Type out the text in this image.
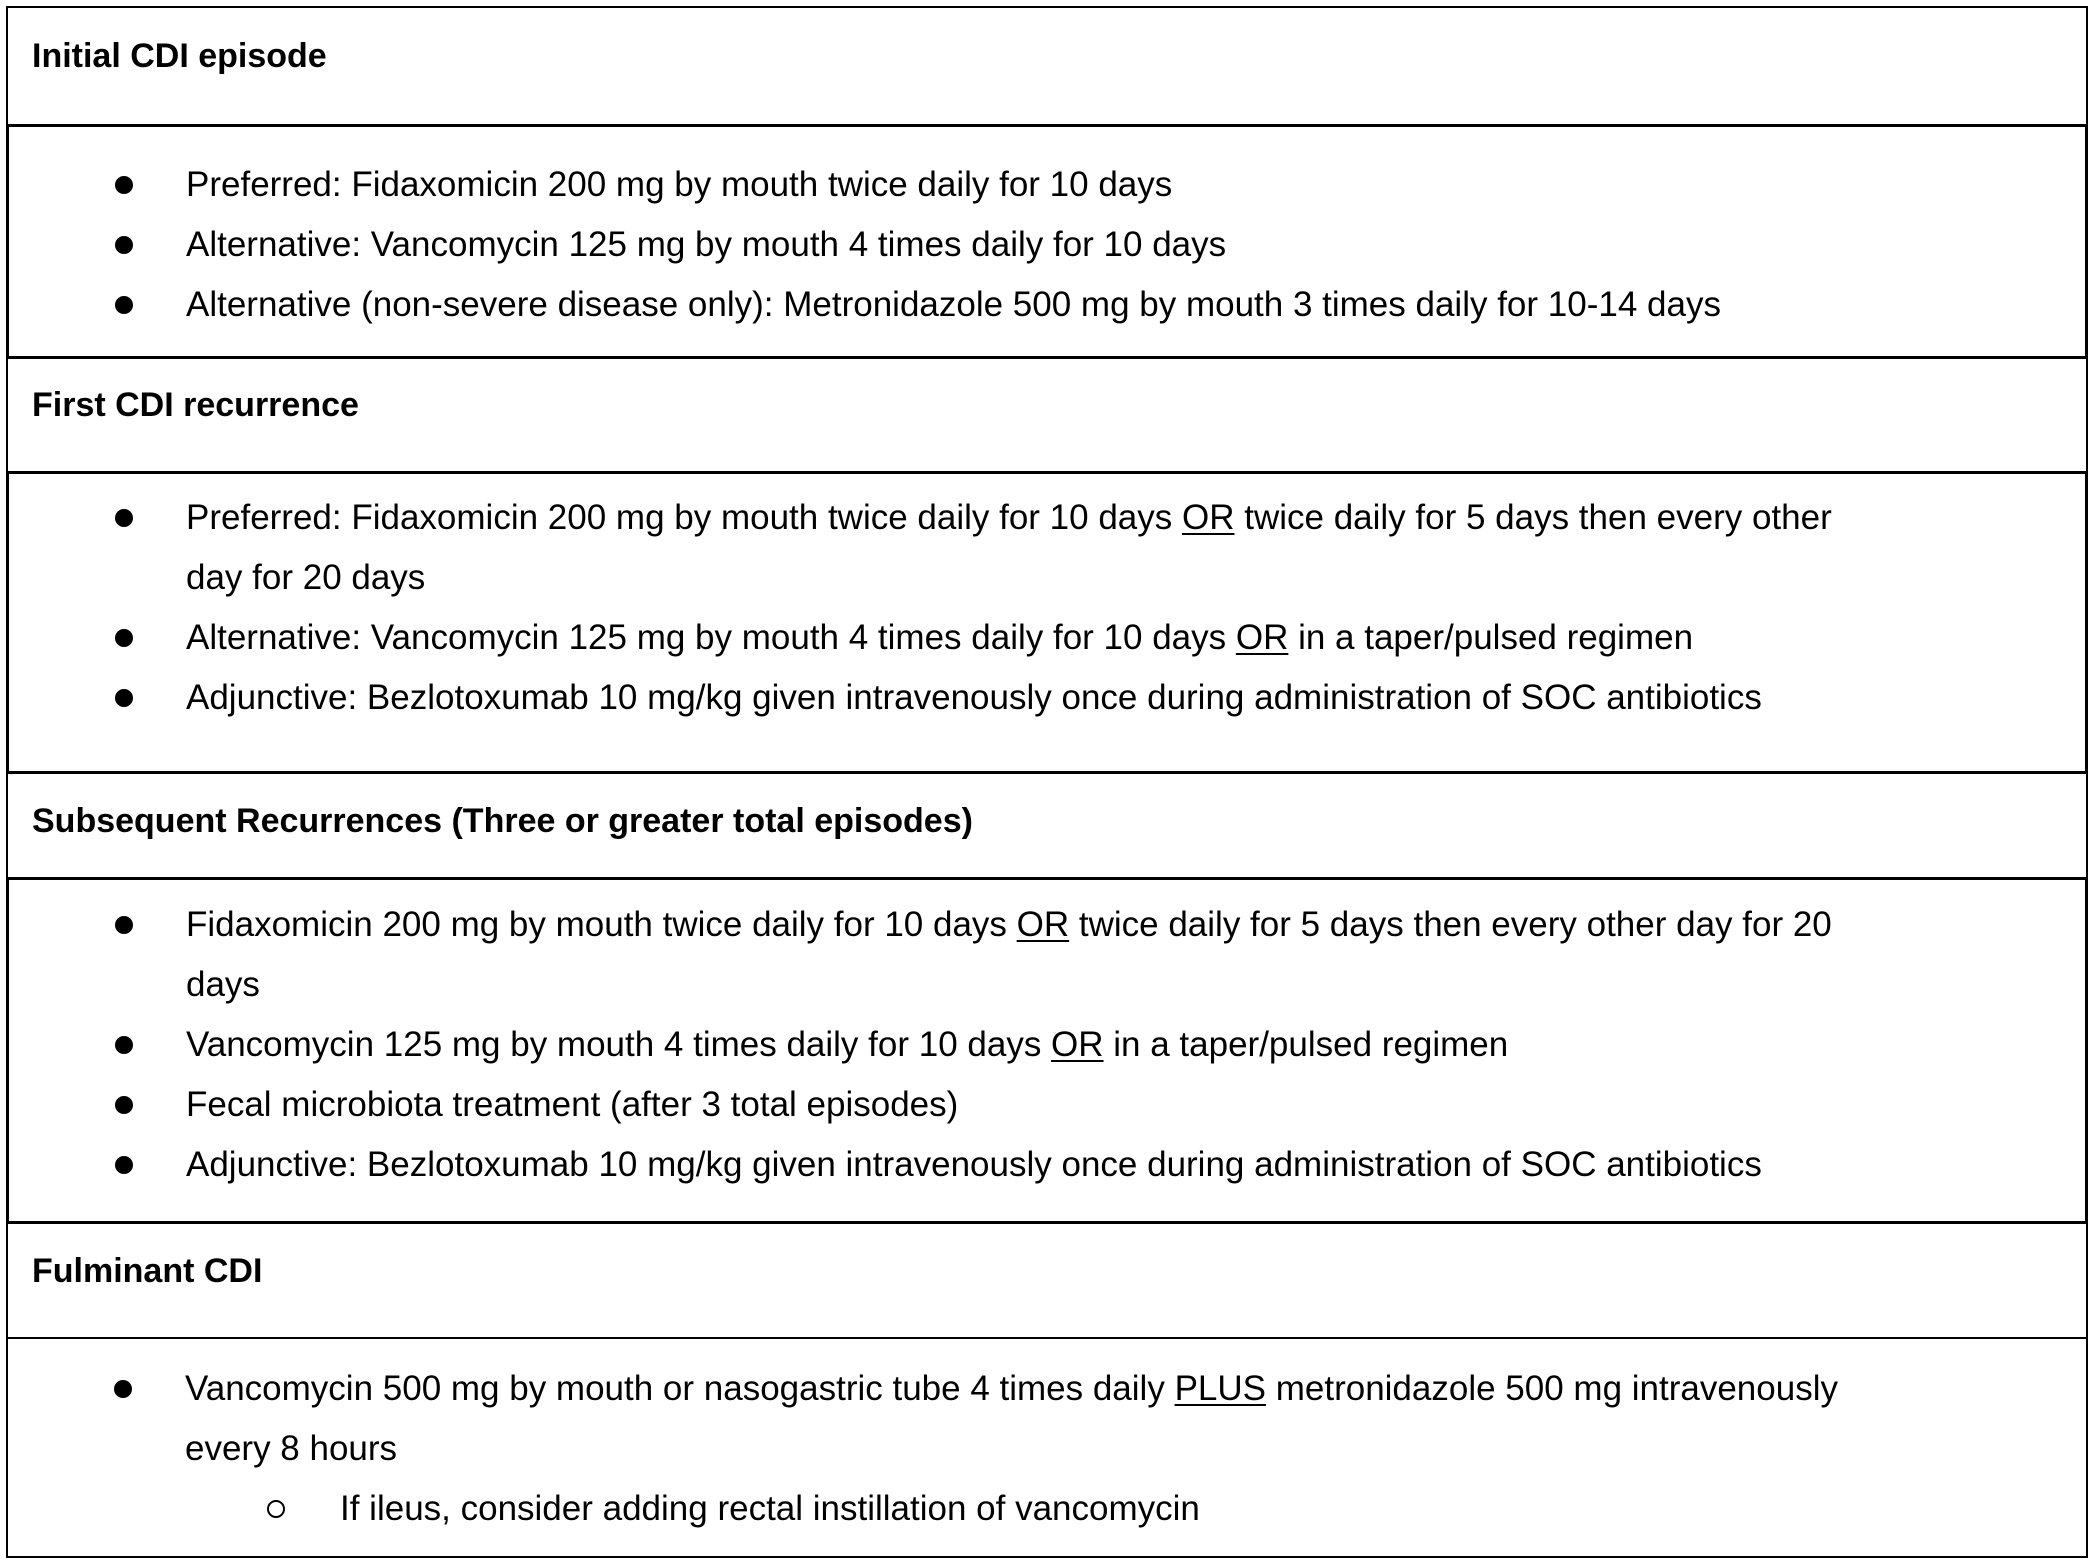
Initial CDI episode
Preferred: Fidaxomicin 200 mg by mouth twice daily for 10 days
Alternative: Vancomycin 125 mg by mouth 4 times daily for 10 days
Alternative (non-severe disease only): Metronidazole 500 mg by mouth 3 times daily for 10-14 days
First CDI recurrence
Preferred: Fidaxomicin 200 mg by mouth twice daily for 10 days OR twice daily for 5 days then every other
day for 20 days
Alternative: Vancomycin 125 mg by mouth 4 times daily for 10 days OR in a taper/pulsed regimen
Adjunctive: Bezlotoxumab 10 mg/kg given intravenously once during administration of SOC antibiotics
Subsequent Recurrences (Three or greater total episodes)
Fidaxomicin 200 mg by mouth twice daily for 10 days OR twice daily for 5 days then every other day for 20
days
Vancomycin 125 mg by mouth 4 times daily for 10 days OR in a taper/pulsed regimen
Fecal microbiota treatment (after 3 total episodes)
Adjunctive: Bezlotoxumab 10 mg/kg given intravenously once during administration of SOC antibiotics
Fulminant CDI
Vancomycin 500 mg by mouth or nasogastric tube 4 times daily PLUS metronidazole 500 mg intravenously
every 8 hours
If ileus, consider adding rectal instillation of vancomycin
